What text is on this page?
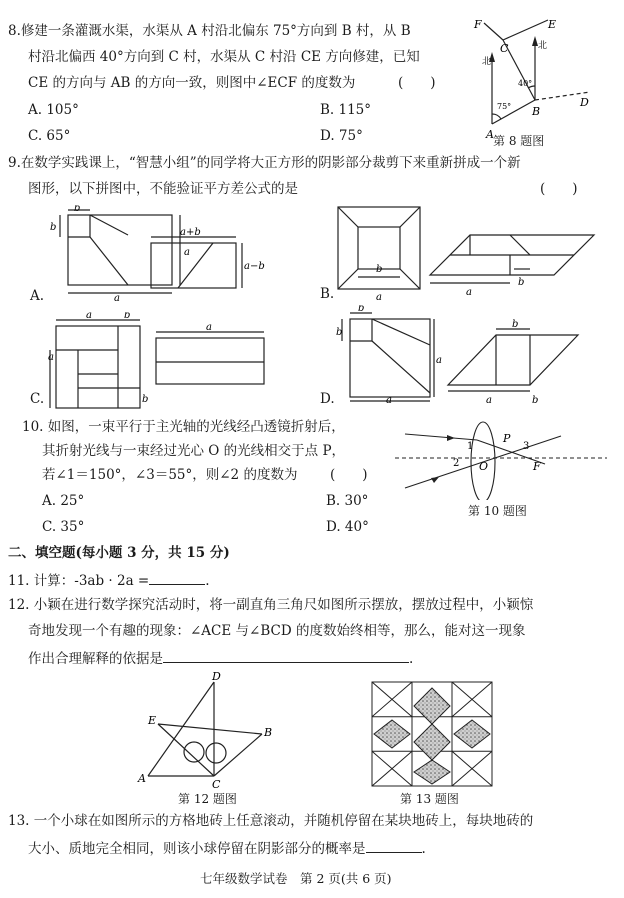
8.修建一条灌溉水渠，水渠从 A 村沿北偏东 75°方向到 B 村，从 B
村沿北偏西 40°方向到 C 村，水渠从 C 村沿 CE 方向修建，已知
CE 的方向与 AB 的方向一致，则图中∠ECF 的度数为	(　　)
A. 105°	B. 115°
C. 65°	D. 75°
F
C
E
北
北
40°
75°
A
B
D
第 8 题图
9.在数学实践课上，“智慧小组”的同学将大正方形的阴影部分裁剪下来重新拼成一个新
图形，以下拼图中，不能验证平方差公式的是	(　　)
A.	B.
C.	D.
b
b
a
a
a+b
a−b	b
a	a
b
a	b
a
a
b
b
b
a
a
b
a	b
10. 如图，一束平行于主光轴的光线经凸透镜折射后，
其折射光线与一束经过光心 O 的光线相交于点 P，
若∠1＝150°，∠3＝55°，则∠2 的度数为 (　　)
A. 25°	B. 30°
C. 35°	D. 40°
1
2
3
P
O	F
第 10 题图
二、填空题(每小题 3 分，共 15 分)
11. 计算：-3ab · 2a =	.
12. 小颖在进行数学探究活动时，将一副直角三角尺如图所示摆放，摆放过程中，小颖惊
奇地发现一个有趣的现象：∠ACE 与∠BCD 的度数始终相等，那么，能对这一现象
作出合理解释的依据是	.
D
E
B
A	C
第 12 题图	第 13 题图
13. 一个小球在如图所示的方格地砖上任意滚动，并随机停留在某块地砖上，每块地砖的
大小、质地完全相同，则该小球停留在阴影部分的概率是	.
七年级数学试卷　第 2 页(共 6 页)
